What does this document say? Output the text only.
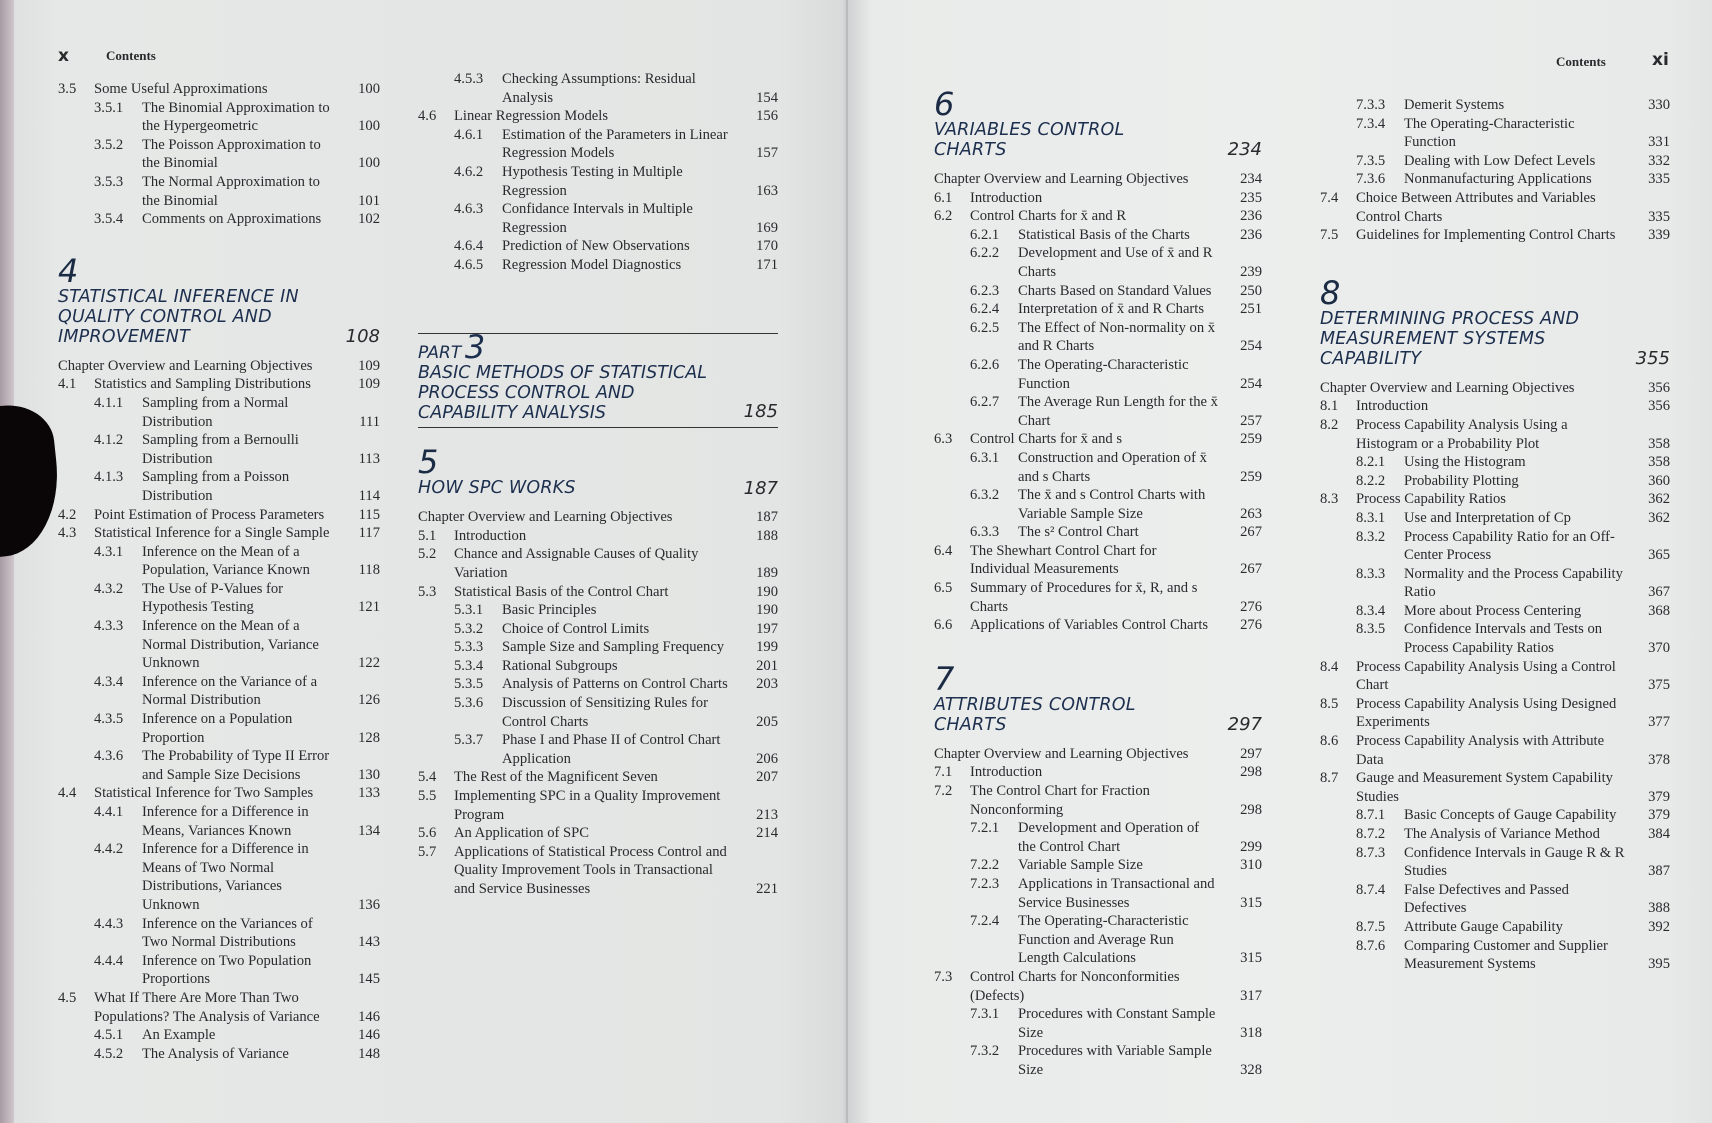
x	Contents
3.5	Some Useful Approximations	100
3.5.1	The Binomial Approximation to the Hypergeometric	100
3.5.2	The Poisson Approximation to the Binomial	100
3.5.3	The Normal Approximation to the Binomial	101
3.5.4	Comments on Approximations	102
4
STATISTICAL INFERENCE IN QUALITY CONTROL AND IMPROVEMENT	108
Chapter Overview and Learning Objectives	109
4.1	Statistics and Sampling Distributions	109
4.1.1	Sampling from a Normal Distribution	111
4.1.2	Sampling from a Bernoulli Distribution	113
4.1.3	Sampling from a Poisson Distribution	114
4.2	Point Estimation of Process Parameters	115
4.3	Statistical Inference for a Single Sample	117
4.3.1	Inference on the Mean of a Population, Variance Known	118
4.3.2	The Use of P-Values for Hypothesis Testing	121
4.3.3	Inference on the Mean of a Normal Distribution, Variance Unknown	122
4.3.4	Inference on the Variance of a Normal Distribution	126
4.3.5	Inference on a Population Proportion	128
4.3.6	The Probability of Type II Error and Sample Size Decisions	130
4.4	Statistical Inference for Two Samples	133
4.4.1	Inference for a Difference in Means, Variances Known	134
4.4.2	Inference for a Difference in Means of Two Normal Distributions, Variances Unknown	136
4.4.3	Inference on the Variances of Two Normal Distributions	143
4.4.4	Inference on Two Population Proportions	145
4.5	What If There Are More Than Two Populations? The Analysis of Variance	146
4.5.1	An Example	146
4.5.2	The Analysis of Variance	148
4.5.3	Checking Assumptions: Residual Analysis	154
4.6	Linear Regression Models	156
4.6.1	Estimation of the Parameters in Linear Regression Models	157
4.6.2	Hypothesis Testing in Multiple Regression	163
4.6.3	Confidance Intervals in Multiple Regression	169
4.6.4	Prediction of New Observations	170
4.6.5	Regression Model Diagnostics	171
PART 3
BASIC METHODS OF STATISTICAL PROCESS CONTROL AND CAPABILITY ANALYSIS	185
5
HOW SPC WORKS	187
Chapter Overview and Learning Objectives	187
5.1	Introduction	188
5.2	Chance and Assignable Causes of Quality Variation	189
5.3	Statistical Basis of the Control Chart	190
5.3.1	Basic Principles	190
5.3.2	Choice of Control Limits	197
5.3.3	Sample Size and Sampling Frequency	199
5.3.4	Rational Subgroups	201
5.3.5	Analysis of Patterns on Control Charts	203
5.3.6	Discussion of Sensitizing Rules for Control Charts	205
5.3.7	Phase I and Phase II of Control Chart Application	206
5.4	The Rest of the Magnificent Seven	207
5.5	Implementing SPC in a Quality Improvement Program	213
5.6	An Application of SPC	214
5.7	Applications of Statistical Process Control and Quality Improvement Tools in Transactional and Service Businesses	221
Contents	xi
6
VARIABLES CONTROL CHARTS	234
Chapter Overview and Learning Objectives	234
6.1	Introduction	235
6.2	Control Charts for x̄ and R	236
6.2.1	Statistical Basis of the Charts	236
6.2.2	Development and Use of x̄ and R Charts	239
6.2.3	Charts Based on Standard Values	250
6.2.4	Interpretation of x̄ and R Charts	251
6.2.5	The Effect of Non-normality on x̄ and R Charts	254
6.2.6	The Operating-Characteristic Function	254
6.2.7	The Average Run Length for the x̄ Chart	257
6.3	Control Charts for x̄ and s	259
6.3.1	Construction and Operation of x̄ and s Charts	259
6.3.2	The x̄ and s Control Charts with Variable Sample Size	263
6.3.3	The s² Control Chart	267
6.4	The Shewhart Control Chart for Individual Measurements	267
6.5	Summary of Procedures for x̄, R, and s Charts	276
6.6	Applications of Variables Control Charts	276
7
ATTRIBUTES CONTROL CHARTS	297
Chapter Overview and Learning Objectives	297
7.1	Introduction	298
7.2	The Control Chart for Fraction Nonconforming	298
7.2.1	Development and Operation of the Control Chart	299
7.2.2	Variable Sample Size	310
7.2.3	Applications in Transactional and Service Businesses	315
7.2.4	The Operating-Characteristic Function and Average Run Length Calculations	315
7.3	Control Charts for Nonconformities (Defects)	317
7.3.1	Procedures with Constant Sample Size	318
7.3.2	Procedures with Variable Sample Size	328
7.3.3	Demerit Systems	330
7.3.4	The Operating-Characteristic Function	331
7.3.5	Dealing with Low Defect Levels	332
7.3.6	Nonmanufacturing Applications	335
7.4	Choice Between Attributes and Variables Control Charts	335
7.5	Guidelines for Implementing Control Charts	339
8
DETERMINING PROCESS AND MEASUREMENT SYSTEMS CAPABILITY	355
Chapter Overview and Learning Objectives	356
8.1	Introduction	356
8.2	Process Capability Analysis Using a Histogram or a Probability Plot	358
8.2.1	Using the Histogram	358
8.2.2	Probability Plotting	360
8.3	Process Capability Ratios	362
8.3.1	Use and Interpretation of Cp	362
8.3.2	Process Capability Ratio for an Off-Center Process	365
8.3.3	Normality and the Process Capability Ratio	367
8.3.4	More about Process Centering	368
8.3.5	Confidence Intervals and Tests on Process Capability Ratios	370
8.4	Process Capability Analysis Using a Control Chart	375
8.5	Process Capability Analysis Using Designed Experiments	377
8.6	Process Capability Analysis with Attribute Data	378
8.7	Gauge and Measurement System Capability Studies	379
8.7.1	Basic Concepts of Gauge Capability	379
8.7.2	The Analysis of Variance Method	384
8.7.3	Confidence Intervals in Gauge R & R Studies	387
8.7.4	False Defectives and Passed Defectives	388
8.7.5	Attribute Gauge Capability	392
8.7.6	Comparing Customer and Supplier Measurement Systems	395
